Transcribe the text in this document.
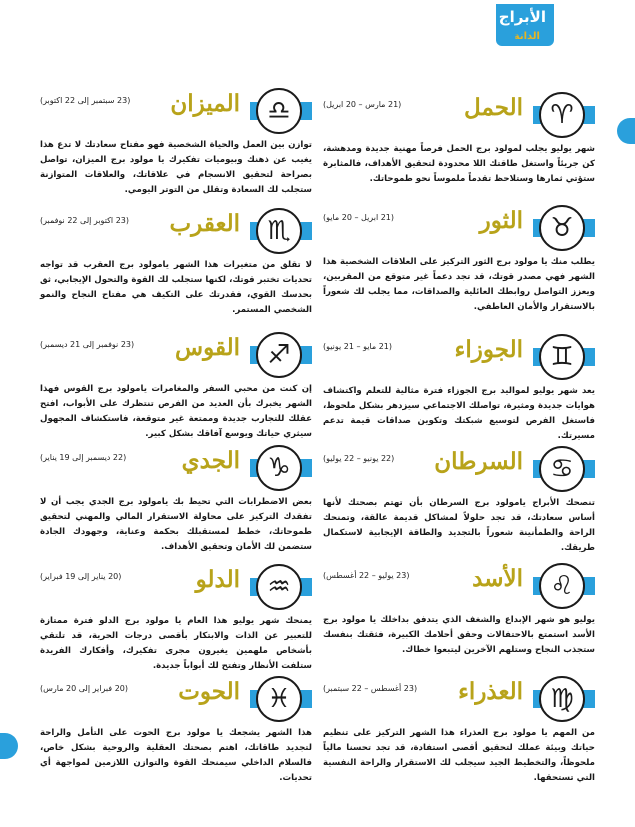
الأبراج
الدانة
94
♈
الحمل
(21 مارس – 20 ابريل)
شهر يوليو يجلب لمولود برج الحمل فرصاً مهنية جديدة ومدهشة، كن جريئاً واستغل طاقتك اللا محدودة لتحقيق الأهداف، فالمثابرة ستؤتي ثمارها وستلاحظ تقدماً ملموساً نحو طموحاتك.
♉
الثور
(21 ابريل – 20 مايو)
يطلب منك يا مولود برج الثور التركيز على العلاقات الشخصية هذا الشهر فهي مصدر قوتك، قد تجد دعماً غير متوقع من المقربين، ويعزز التواصل روابطك العائلية والصداقات، مما يجلب لك شعوراً بالاستقرار والأمان العاطفي.
♊
الجوزاء
(21 مايو – 21 يونيو)
يعد شهر يوليو لمواليد برج الجوزاء فترة مثالية للتعلم واكتشاف هوايات جديدة ومثيرة، تواصلك الاجتماعي سيزدهر بشكل ملحوظ، فاستغل الفرص لتوسيع شبكتك وتكوين صداقات قيمة تدعم مسيرتك.
♋
السرطان
(22 يونيو – 22 يوليو)
تنصحك الأبراج يامولود برج السرطان بأن تهتم بصحتك لأنها أساس سعادتك، قد تجد حلولاً لمشاكل قديمة عالقة، وتمنحك الراحة والطمأنينة شعوراً بالتجديد والطاقة الإيجابية لاستكمال طريقك.
♌
الأسد
(23 يوليو – 22 أغسطس)
يوليو هو شهر الإبداع والشغف الذي يتدفق بداخلك يا مولود برج الأسد استمتع بالاحتفالات وحقق أحلامك الكبيرة، فثقتك بنفسك ستجذب النجاح وستلهم الآخرين ليتبعوا خطاك.
♍
العذراء
(23 أغسطس – 22 سبتمبر)
من المهم يا مولود برج العذراء هذا الشهر التركيز على تنظيم حياتك وبيئة عملك لتحقيق أقصى استفادة، قد تجد تحسنا مالياً ملحوظاً، والتخطيط الجيد سيجلب لك الاستقرار والراحة النفسية التي تستحقها.
♎
الميزان
(23 سبتمبر إلى 22 اكتوبر)
توازن بين العمل والحياة الشخصية فهو مفتاح سعادتك لا تدع هذا يغيب عن ذهنك وبيوميات تفكيرك يا مولود برج الميزان، تواصل بصراحة لتحقيق الانسجام في علاقاتك، والعلاقات المتوازنة ستجلب لك السعادة وتقلل من التوتر اليومي.
♏
العقرب
(23 اكتوبر إلى 22 نوفمبر)
لا تقلق من متغيرات هذا الشهر يامولود برج العقرب قد تواجه تحديات تختبر قوتك، لكنها ستجلب لك القوة والتحول الإيجابي، ثق بحدسك القوي، فقدرتك على التكيف هي مفتاح النجاح والنمو الشخصي المستمر.
♐
القوس
(23 نوفمبر إلى 21 ديسمبر)
إن كنت من محبي السفر والمغامرات يامولود برج القوس فهذا الشهر يخبرك بأن العديد من الفرص تنتظرك على الأبواب، افتح عقلك للتجارب جديدة وممتعة غير متوقعة، فاستكشاف المجهول سيثري حياتك ويوسع آفاقك بشكل كبير.
♑
الجدي
(22 ديسمبر إلى 19 يناير)
بعض الاضطرابات التي تحيط بك يامولود برج الجدي يجب أن لا تفقدك التركيز على محاولة الاستقرار المالي والمهني لتحقيق طموحاتك، خطط لمستقبلك بحكمة وعناية، وجهودك الجادة ستضمن لك الأمان وتحقيق الأهداف.
♒
الدلو
(20 يناير إلى 19 فبراير)
يمنحك شهر يوليو هذا العام يا مولود برج الدلو فترة ممتازة للتعبير عن الذات والابتكار بأقصى درجات الحرية، قد تلتقي بأشخاص ملهمين يغيرون مجرى تفكيرك، وأفكارك الفريدة ستلفت الأنظار وتفتح لك أبواباً جديدة.
♓
الحوت
(20 فبراير إلى 20 مارس)
هذا الشهر يشجعك يا مولود برج الحوت على التأمل والراحة لتجديد طاقاتك، اهتم بصحتك العقلية والروحية بشكل خاص، فالسلام الداخلي سيمنحك القوة والتوازن اللازمين لمواجهة أي تحديات.
